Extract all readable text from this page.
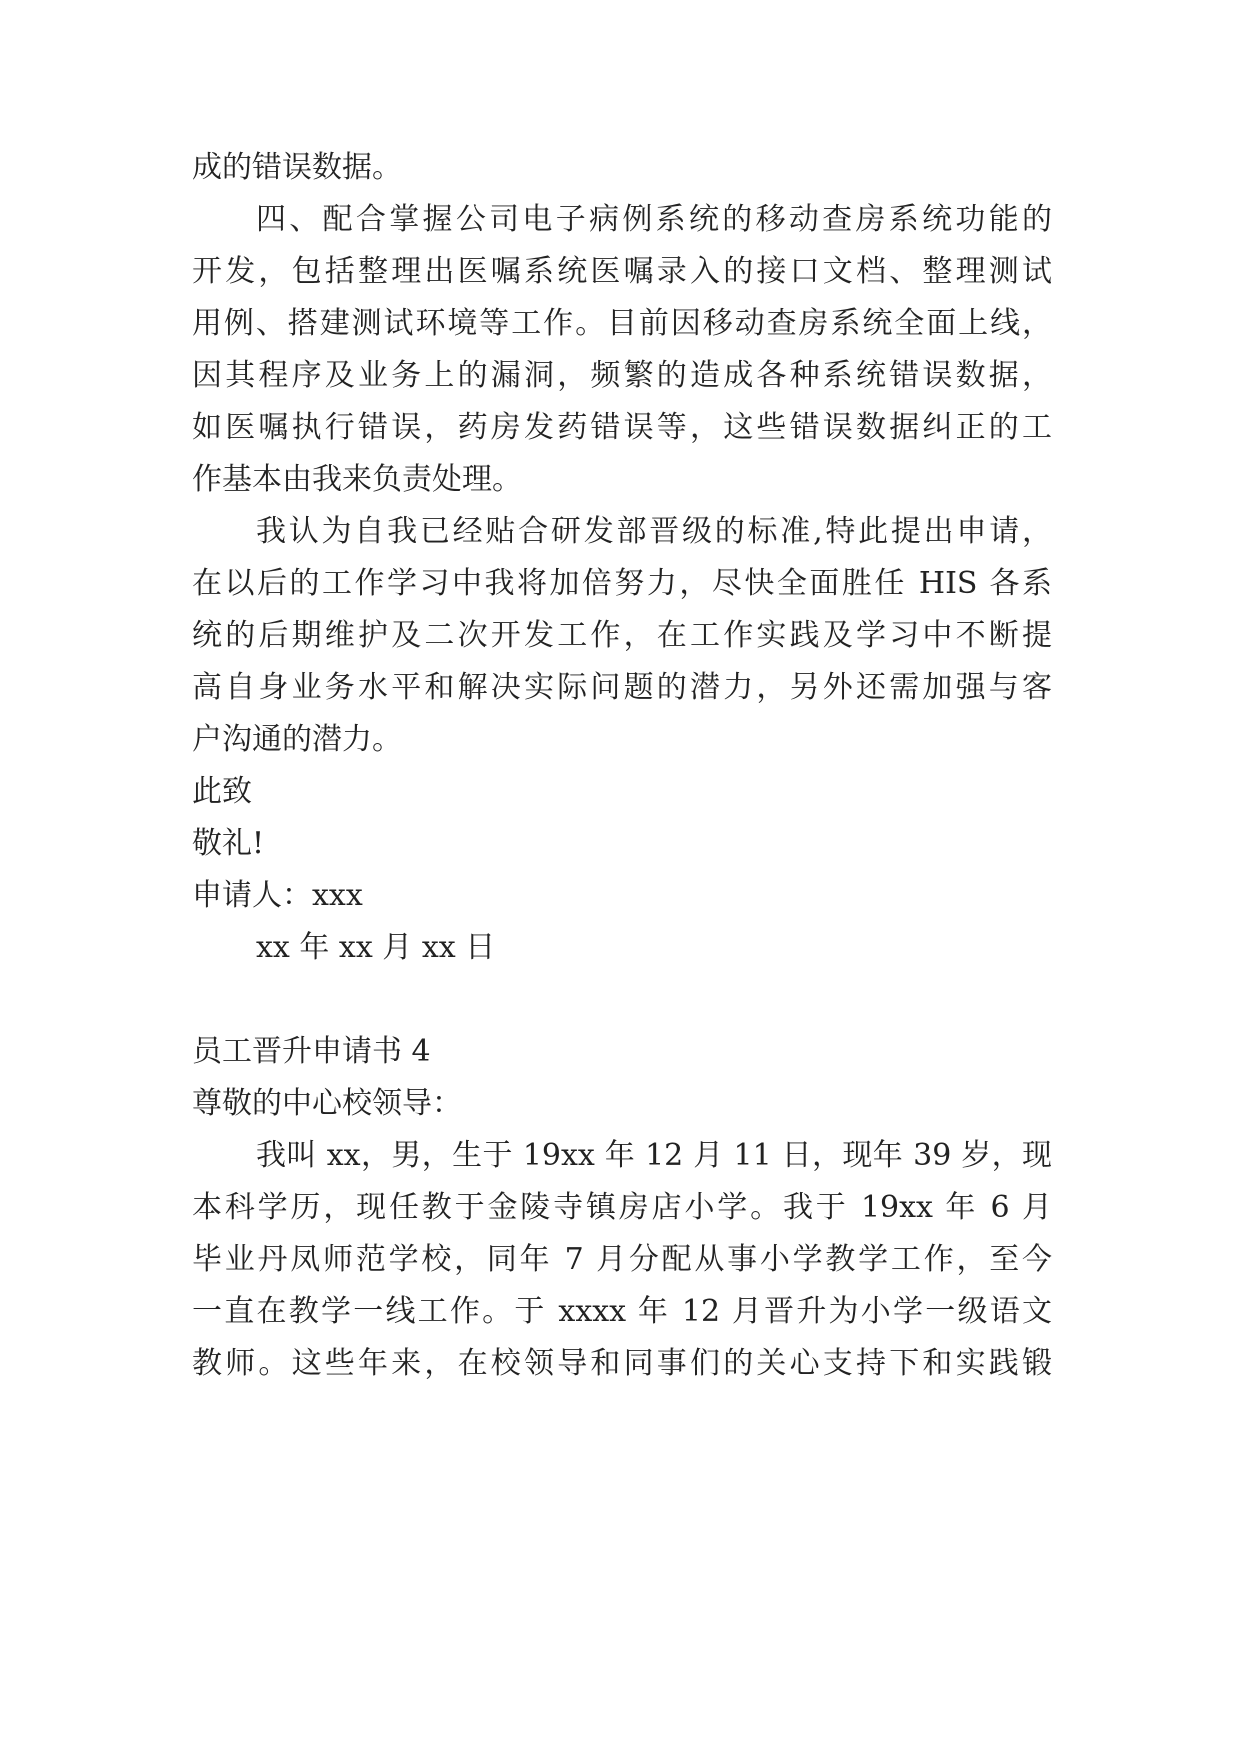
成的错误数据。
四、配合掌握公司电子病例系统的移动查房系统功能的
开发，包括整理出医嘱系统医嘱录入的接口文档、整理测试
用例、搭建测试环境等工作。目前因移动查房系统全面上线，
因其程序及业务上的漏洞，频繁的造成各种系统错误数据，
如医嘱执行错误，药房发药错误等，这些错误数据纠正的工
作基本由我来负责处理。
我认为自我已经贴合研发部晋级的标准,特此提出申请，
在以后的工作学习中我将加倍努力，尽快全面胜任 HIS 各系
统的后期维护及二次开发工作，在工作实践及学习中不断提
高自身业务水平和解决实际问题的潜力，另外还需加强与客
户沟通的潜力。
此致
敬礼!
申请人：xxx
xx 年 xx 月 xx 日
员工晋升申请书 4
尊敬的中心校领导：
我叫 xx，男，生于 19xx 年 12 月 11 日，现年 39 岁，现
本科学历，现任教于金陵寺镇房店小学。我于 19xx 年 6 月
毕业丹凤师范学校，同年 7 月分配从事小学教学工作，至今
一直在教学一线工作。于 xxxx 年 12 月晋升为小学一级语文
教师。这些年来，在校领导和同事们的关心支持下和实践锻
